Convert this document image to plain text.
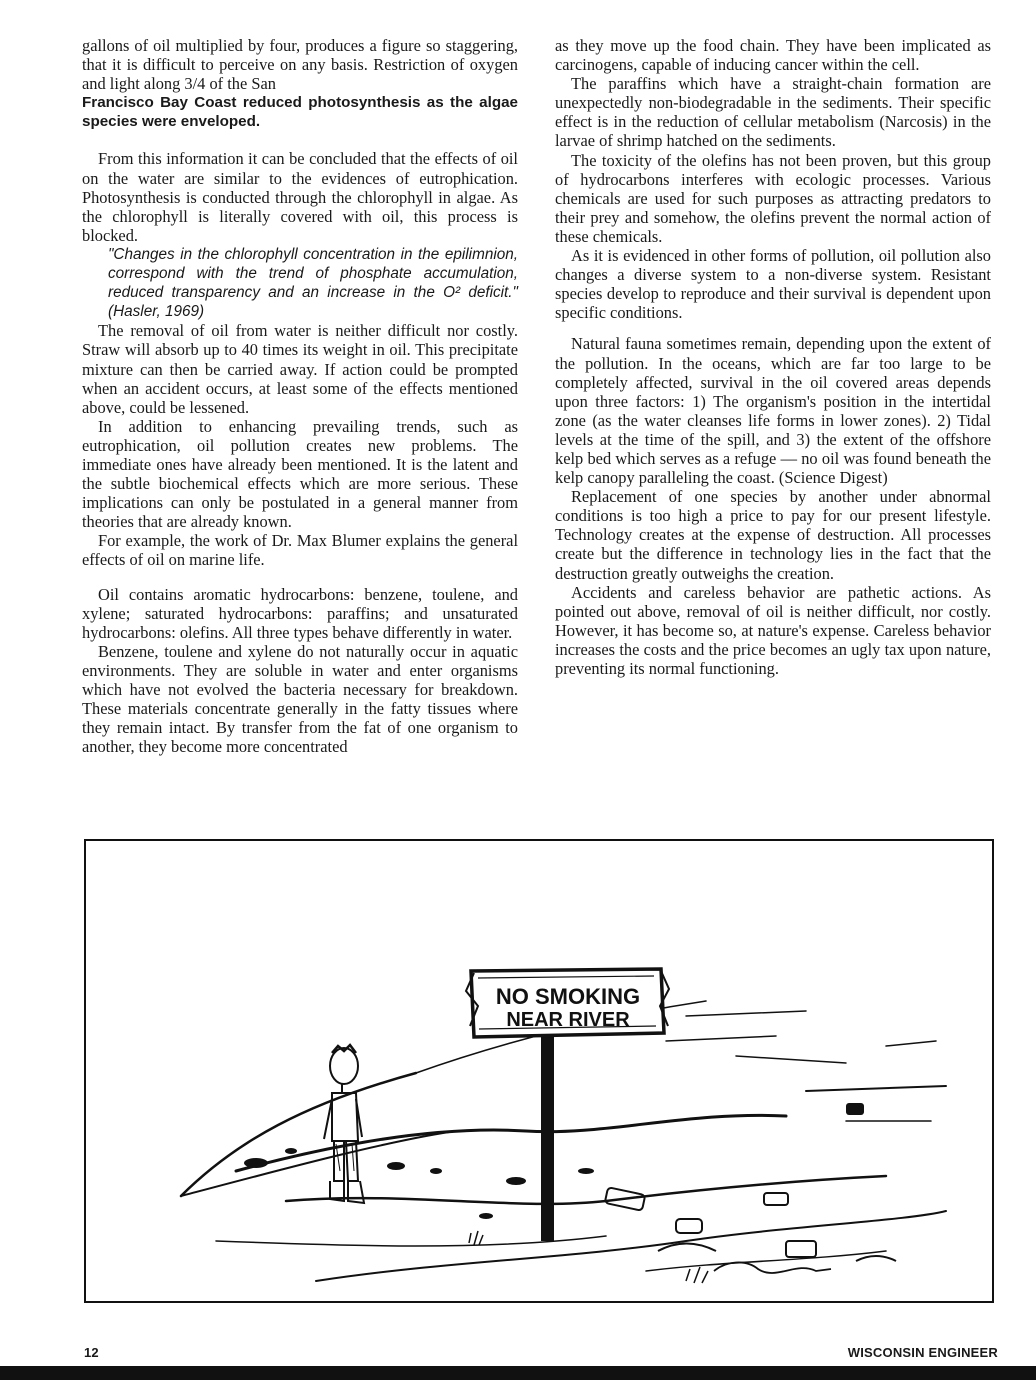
gallons of oil multiplied by four, produces a figure so staggering, that it is difficult to perceive on any basis. Restriction of oxygen and light along 3/4 of the San

Francisco Bay Coast reduced photosynthesis as the algae species were enveloped.

From this information it can be concluded that the effects of oil on the water are similar to the evidences of eutrophication. Photosynthesis is conducted through the chlorophyll in algae. As the chlorophyll is literally covered with oil, this process is blocked.

"Changes in the chlorophyll concentration in the epilimnion, correspond with the trend of phosphate accumulation, reduced transparency and an increase in the O² deficit." (Hasler, 1969)

The removal of oil from water is neither difficult nor costly. Straw will absorb up to 40 times its weight in oil. This precipitate mixture can then be carried away. If action could be prompted when an accident occurs, at least some of the effects mentioned above, could be lessened.

In addition to enhancing prevailing trends, such as eutrophication, oil pollution creates new problems. The immediate ones have already been mentioned. It is the latent and the subtle biochemical effects which are more serious. These implications can only be postulated in a general manner from theories that are already known.

For example, the work of Dr. Max Blumer explains the general effects of oil on marine life.

Oil contains aromatic hydrocarbons: benzene, toulene, and xylene; saturated hydrocarbons: paraffins; and unsaturated hydrocarbons: olefins. All three types behave differently in water.

Benzene, toulene and xylene do not naturally occur in aquatic environments. They are soluble in water and enter organisms which have not evolved the bacteria necessary for breakdown. These materials concentrate generally in the fatty tissues where they remain intact. By transfer from the fat of one organism to another, they become more concentrated

as they move up the food chain. They have been implicated as carcinogens, capable of inducing cancer within the cell.

The paraffins which have a straight-chain formation are unexpectedly non-biodegradable in the sediments. Their specific effect is in the reduction of cellular metabolism (Narcosis) in the larvae of shrimp hatched on the sediments.

The toxicity of the olefins has not been proven, but this group of hydrocarbons interferes with ecologic processes. Various chemicals are used for such purposes as attracting predators to their prey and somehow, the olefins prevent the normal action of these chemicals.

As it is evidenced in other forms of pollution, oil pollution also changes a diverse system to a non-diverse system. Resistant species develop to reproduce and their survival is dependent upon specific conditions.

Natural fauna sometimes remain, depending upon the extent of the pollution. In the oceans, which are far too large to be completely affected, survival in the oil covered areas depends upon three factors: 1) The organism's position in the intertidal zone (as the water cleanses life forms in lower zones). 2) Tidal levels at the time of the spill, and 3) the extent of the offshore kelp bed which serves as a refuge — no oil was found beneath the kelp canopy paralleling the coast. (Science Digest)

Replacement of one species by another under abnormal conditions is too high a price to pay for our present lifestyle. Technology creates at the expense of destruction. All processes create but the difference in technology lies in the fact that the destruction greatly outweighs the creation.

Accidents and careless behavior are pathetic actions. As pointed out above, removal of oil is neither difficult, nor costly. However, it has become so, at nature's expense. Careless behavior increases the costs and the price becomes an ugly tax upon nature, preventing its normal functioning.

NO SMOKING
NEAR RIVER
12	WISCONSIN ENGINEER
